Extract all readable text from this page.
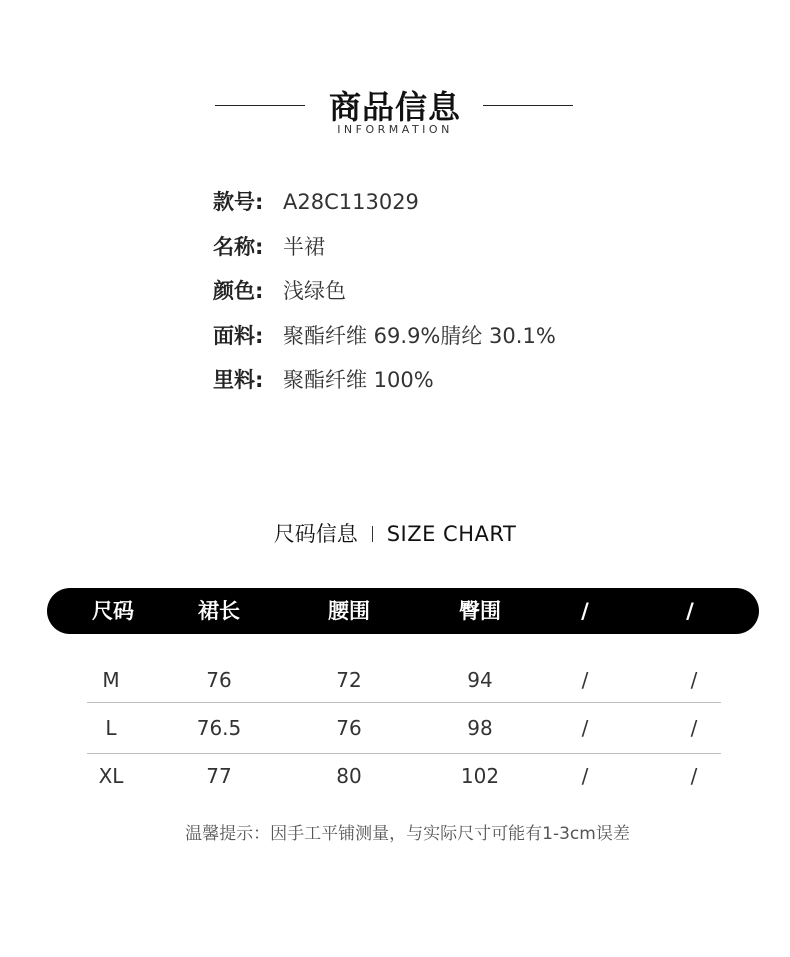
商品信息
INFORMATION
款号: A28C113029
名称: 半裙
颜色: 浅绿色
面料: 聚酯纤维 69.9%腈纶 30.1%
里料: 聚酯纤维 100%
尺码信息 SIZE CHART
尺码	裙长	腰围	臀围	/	/
M	76	72	94	/	/
L	76.5	76	98	/	/
XL	77	80	102	/	/
温馨提示：因手工平铺测量，与实际尺寸可能有1-3cm误差
